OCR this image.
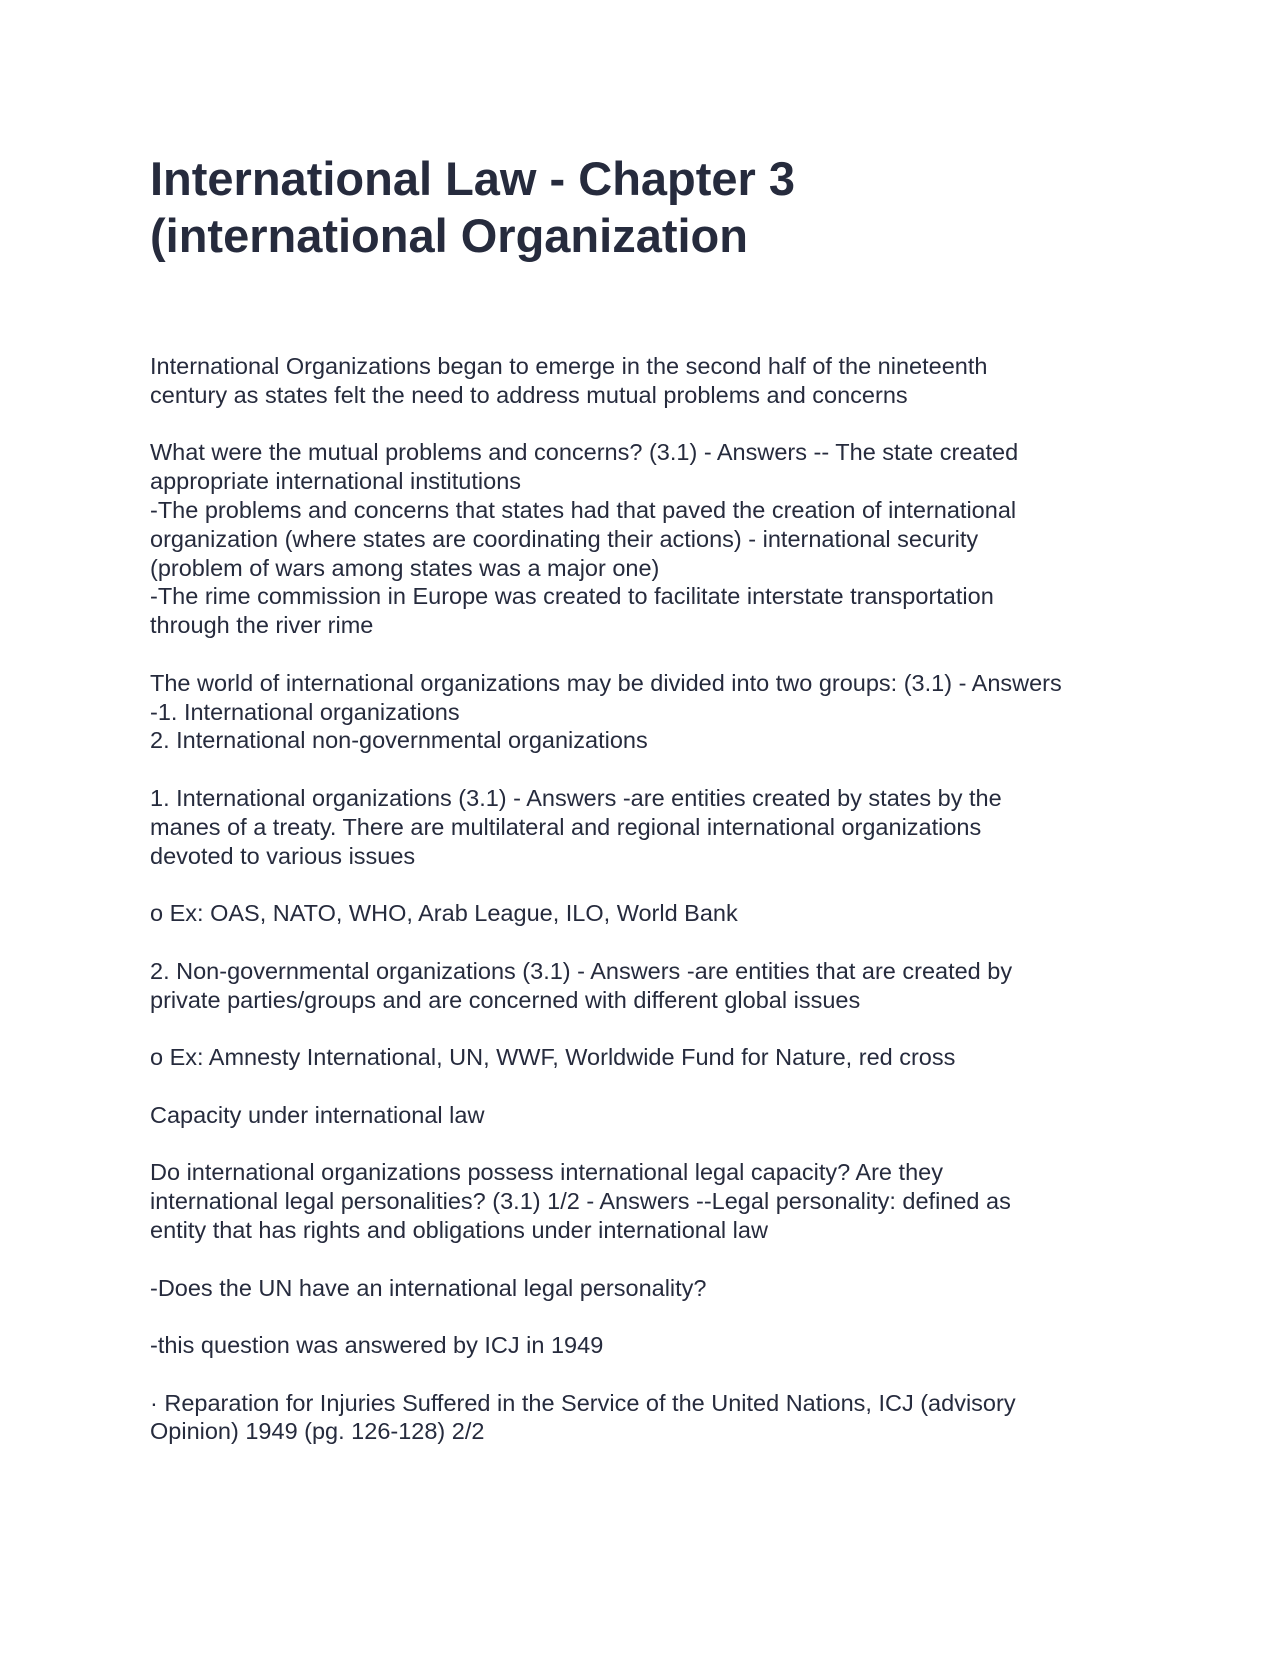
International Law - Chapter 3
(international Organization

International Organizations began to emerge in the second half of the nineteenth
century as states felt the need to address mutual problems and concerns

What were the mutual problems and concerns? (3.1) - Answers -- The state created
appropriate international institutions
-The problems and concerns that states had that paved the creation of international
organization (where states are coordinating their actions) - international security
(problem of wars among states was a major one)
-The rime commission in Europe was created to facilitate interstate transportation
through the river rime

The world of international organizations may be divided into two groups: (3.1) - Answers
-1. International organizations
2. International non-governmental organizations

1. International organizations (3.1) - Answers -are entities created by states by the
manes of a treaty. There are multilateral and regional international organizations
devoted to various issues

o Ex: OAS, NATO, WHO, Arab League, ILO, World Bank

2. Non-governmental organizations (3.1) - Answers -are entities that are created by
private parties/groups and are concerned with different global issues

o Ex: Amnesty International, UN, WWF, Worldwide Fund for Nature, red cross

Capacity under international law

Do international organizations possess international legal capacity? Are they
international legal personalities? (3.1) 1/2 - Answers --Legal personality: defined as
entity that has rights and obligations under international law

-Does the UN have an international legal personality?

-this question was answered by ICJ in 1949

· Reparation for Injuries Suffered in the Service of the United Nations, ICJ (advisory
Opinion) 1949 (pg. 126-128) 2/2
